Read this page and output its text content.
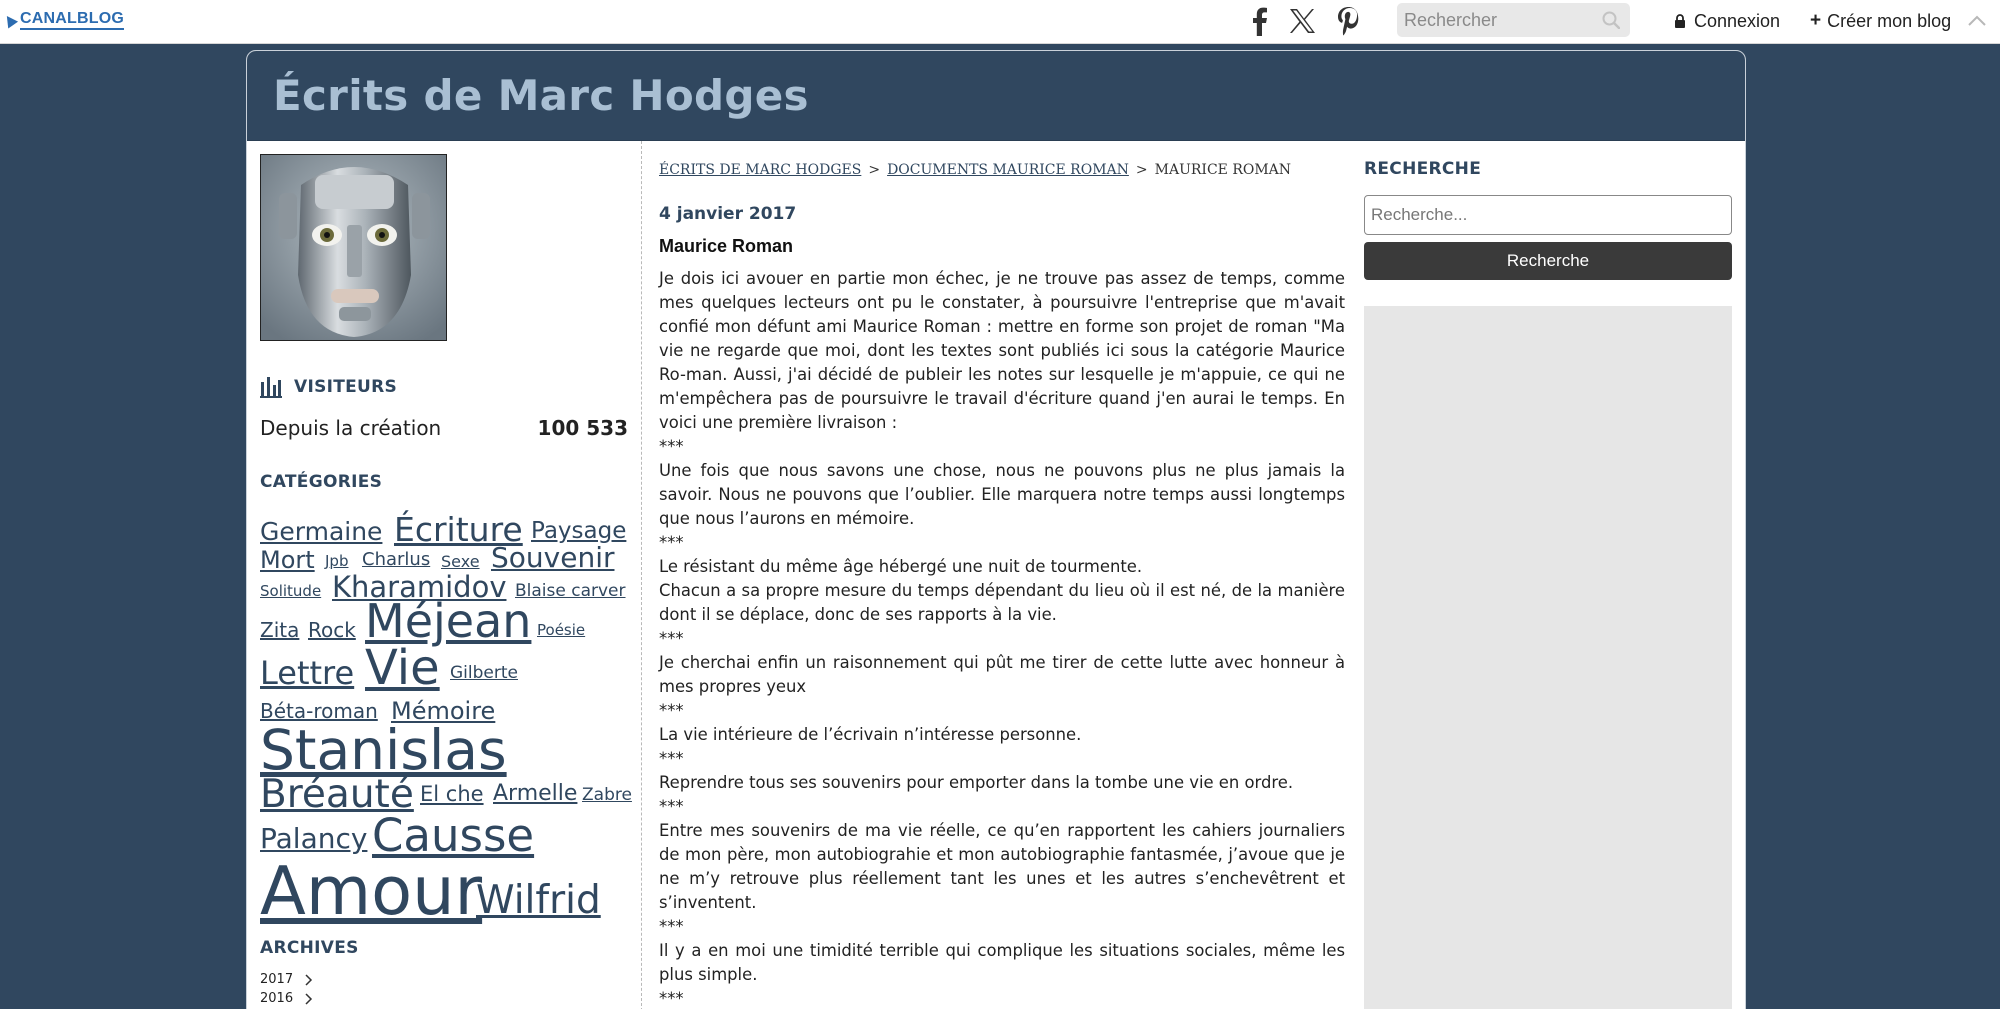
CANALBLOG
Rechercher	Connexion + Créer mon blog
Écrits de Marc Hodges
VISITEURS
Depuis la création	100 533
CATÉGORIES
Germaine Écriture Paysage
Mort Jpb Charlus Sexe Souvenir
Solitude Kharamidov Blaise carver
Zita Rock Méjean Poésie
Lettre Vie Gilberte
Béta-roman Mémoire
Stanislas
Bréauté El che Armelle Zabre
Palancy Causse
Amour
Wilfrid
ARCHIVES
2017
2016
ÉCRITS DE MARC HODGES > DOCUMENTS MAURICE ROMAN > MAURICE ROMAN
4 janvier 2017
Maurice Roman

Je dois ici avouer en partie mon échec, je ne trouve pas assez de temps, comme mes quelques lecteurs ont pu le constater, à poursuivre l'entreprise que m'avait confié mon défunt ami Maurice Roman : mettre en forme son projet de roman "Ma vie ne regarde que moi, dont les textes sont publiés ici sous la catégorie Maurice Ro-man. Aussi, j'ai décidé de publeir les notes sur lesquelle je m'appuie, ce qui ne m'empêchera pas de poursuivre le travail d'écriture quand j'en aurai le temps. En voici une première livraison :

***

Une fois que nous savons une chose, nous ne pouvons plus ne plus jamais la savoir. Nous ne pouvons que l’oublier. Elle marquera notre temps aussi longtemps que nous l’aurons en mémoire.

***

Le résistant du même âge hébergé une nuit de tourmente.

Chacun a sa propre mesure du temps dépendant du lieu où il est né, de la manière dont il se déplace, donc de ses rapports à la vie.

***

Je cherchai enfin un raisonnement qui pût me tirer de cette lutte avec honneur à mes propres yeux

***

La vie intérieure de l’écrivain n’intéresse personne.

***

Reprendre tous ses souvenirs pour emporter dans la tombe une vie en ordre.

***

Entre mes souvenirs de ma vie réelle, ce qu’en rapportent les cahiers journaliers de mon père, mon autobiograhie et mon autobiographie fantasmée, j’avoue que je ne m’y retrouve plus réellement tant les unes et les autres s’enchevêtrent et s’inventent.

***

Il y a en moi une timidité terrible qui complique les situations sociales, même les plus simple.

***

RECHERCHE
Recherche...
Recherche
